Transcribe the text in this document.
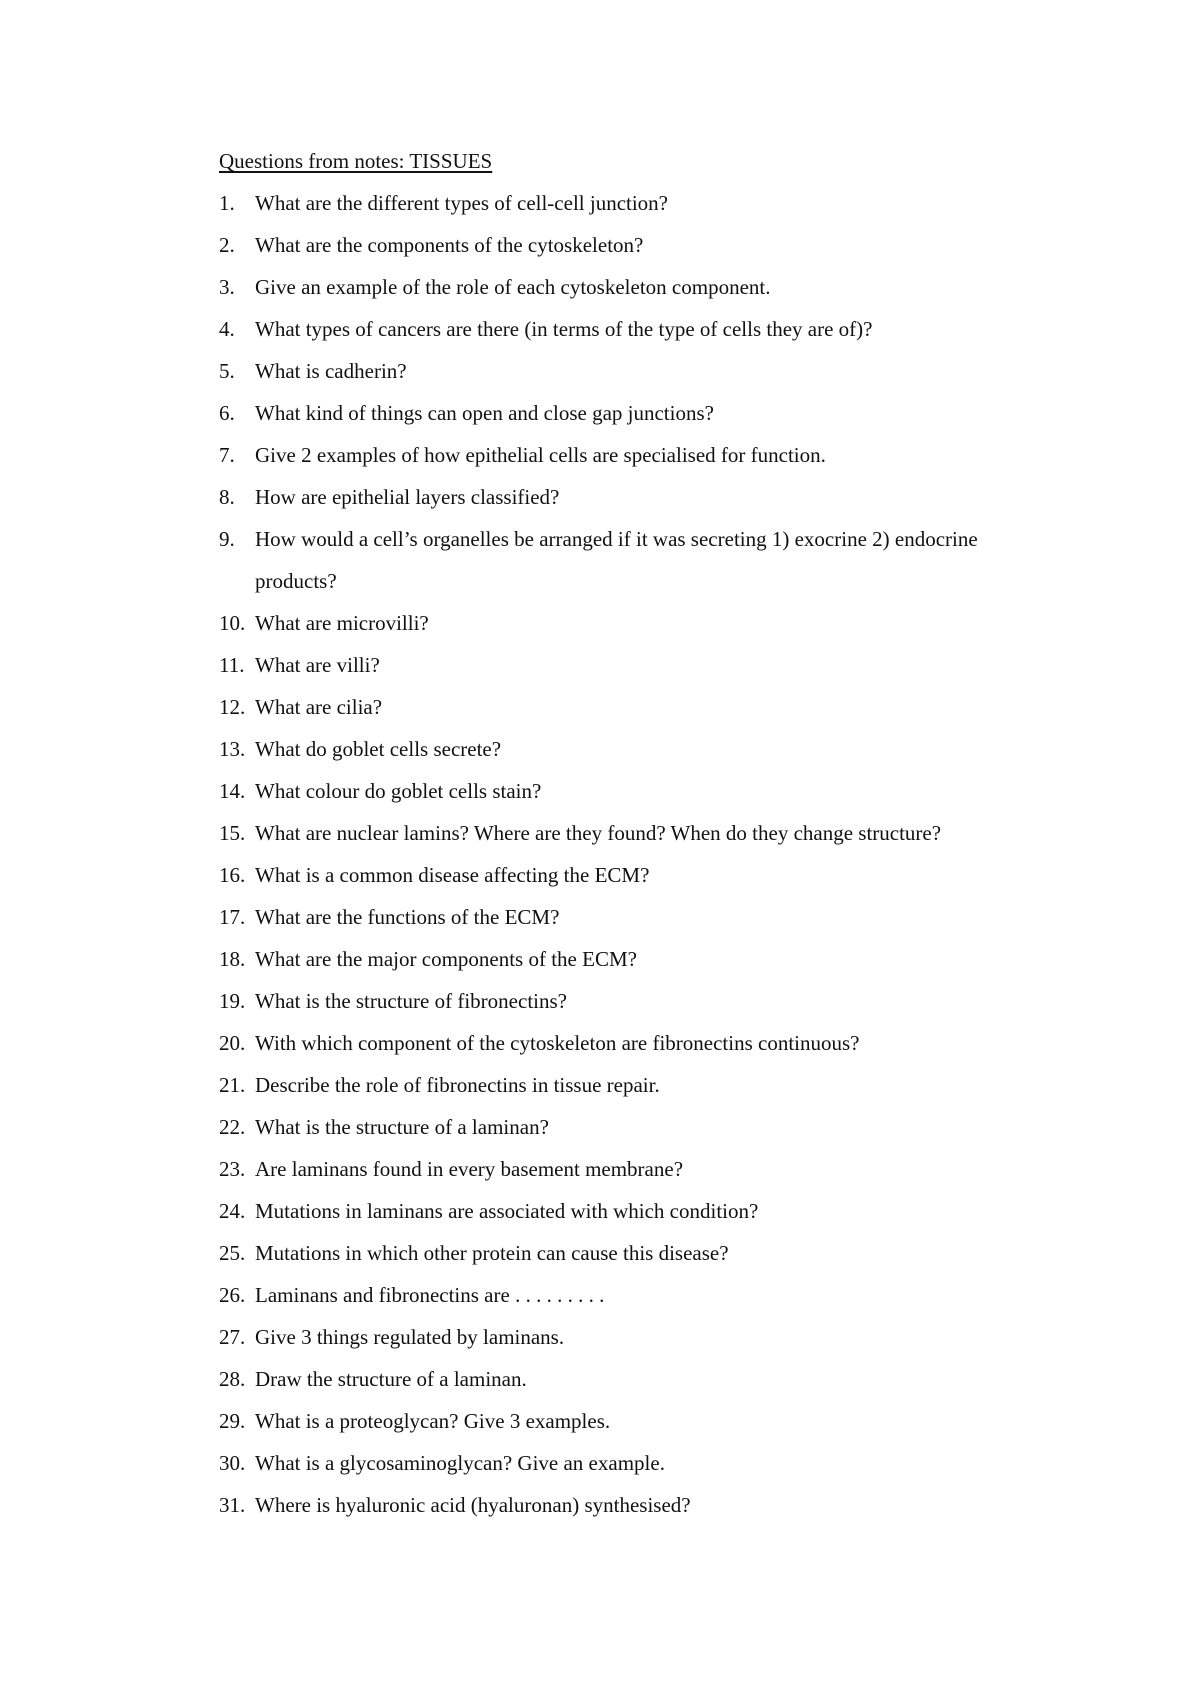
Questions from notes: TISSUES
1. What are the different types of cell-cell junction?
2. What are the components of the cytoskeleton?
3. Give an example of the role of each cytoskeleton component.
4. What types of cancers are there (in terms of the type of cells they are of)?
5. What is cadherin?
6. What kind of things can open and close gap junctions?
7. Give 2 examples of how epithelial cells are specialised for function.
8. How are epithelial layers classified?
9. How would a cell’s organelles be arranged if it was secreting 1) exocrine 2) endocrine products?
10. What are microvilli?
11. What are villi?
12. What are cilia?
13. What do goblet cells secrete?
14. What colour do goblet cells stain?
15. What are nuclear lamins? Where are they found? When do they change structure?
16. What is a common disease affecting the ECM?
17. What are the functions of the ECM?
18. What are the major components of the ECM?
19. What is the structure of fibronectins?
20. With which component of the cytoskeleton are fibronectins continuous?
21. Describe the role of fibronectins in tissue repair.
22. What is the structure of a laminan?
23. Are laminans found in every basement membrane?
24. Mutations in laminans are associated with which condition?
25. Mutations in which other protein can cause this disease?
26. Laminans and fibronectins are . . . . . . . . .
27. Give 3 things regulated by laminans.
28. Draw the structure of a laminan.
29. What is a proteoglycan? Give 3 examples.
30. What is a glycosaminoglycan? Give an example.
31. Where is hyaluronic acid (hyaluronan) synthesised?
